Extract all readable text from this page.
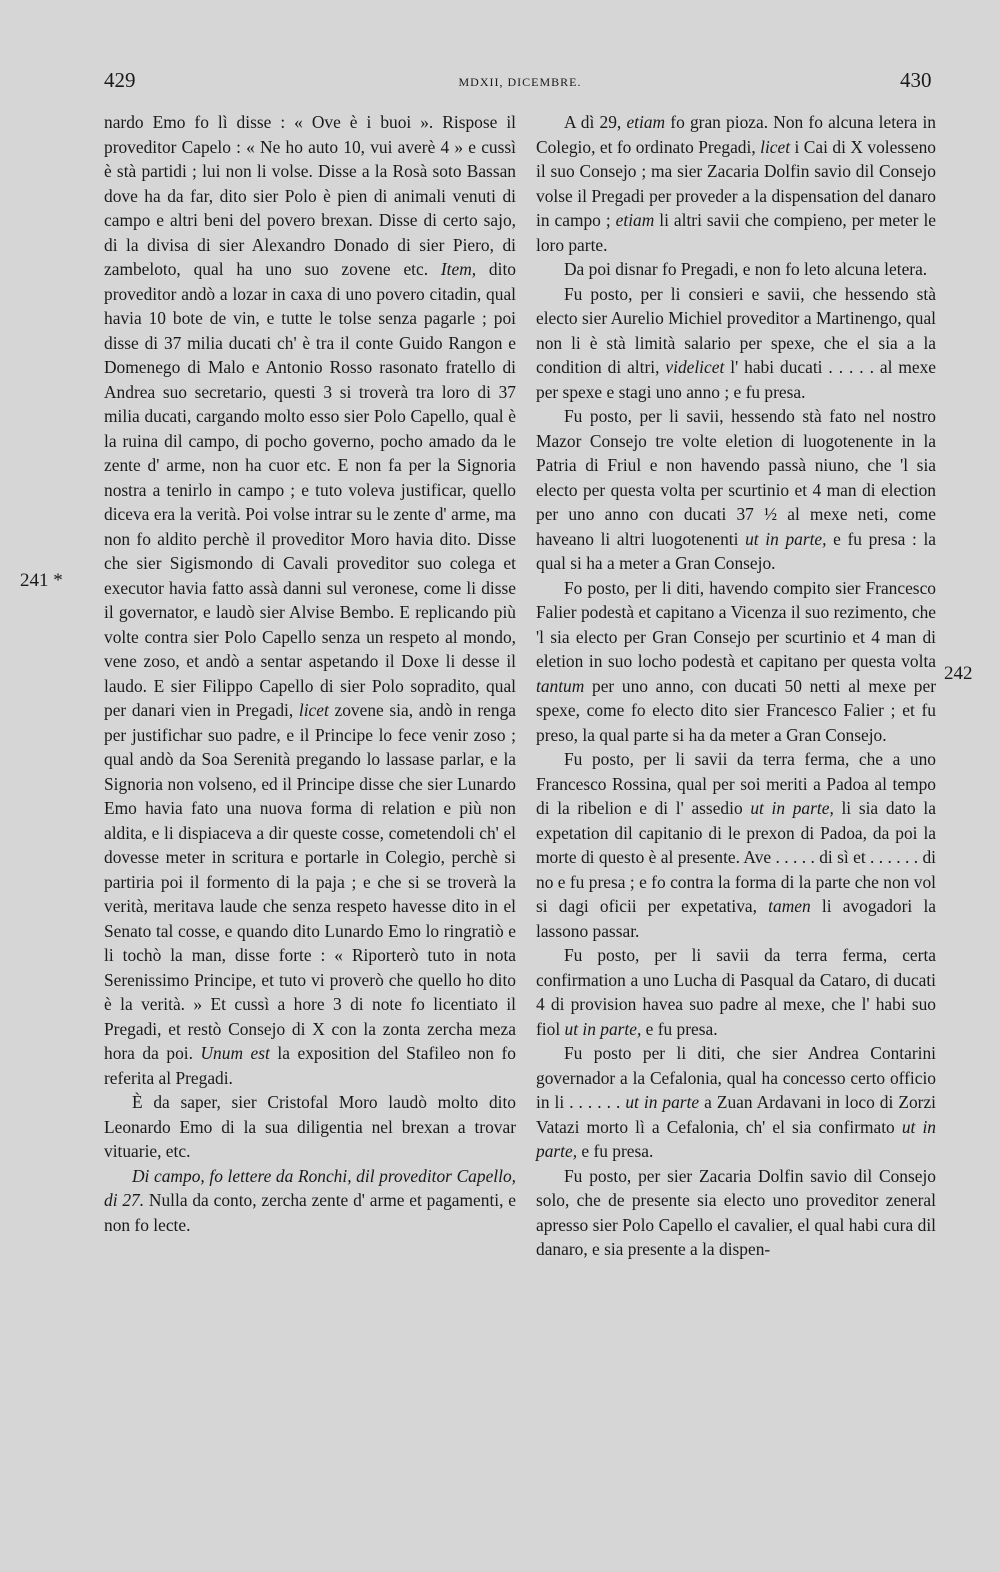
429	MDXII, DICEMBRE.	430
241 *
242

nardo Emo fo lì disse : « Ove è i buoi ». Rispose il proveditor Capelo : « Ne ho auto 10, vui averè 4 » e cussì è stà partidi ; lui non li volse. Disse a la Rosà soto Bassan dove ha da far, dito sier Polo è pien di animali venuti di campo e altri beni del povero brexan. Disse di certo sajo, di la divisa di sier Alexandro Donado di sier Piero, di zambeloto, qual ha uno suo zovene etc. Item, dito proveditor andò a lozar in caxa di uno povero citadin, qual havia 10 bote de vin, e tutte le tolse senza pagarle ; poi disse di 37 milia ducati ch' è tra il conte Guido Rangon e Domenego di Malo e Antonio Rosso rasonato fratello di Andrea suo secretario, questi 3 si troverà tra loro di 37 milia ducati, cargando molto esso sier Polo Capello, qual è la ruina dil campo, di pocho governo, pocho amado da le zente d' arme, non ha cuor etc. E non fa per la Signoria nostra a tenirlo in campo ; e tuto voleva justificar, quello diceva era la verità. Poi volse intrar su le zente d' arme, ma non fo aldito perchè il proveditor Moro havia dito. Disse che sier Sigismondo di Cavali proveditor suo colega et executor havia fatto assà danni sul veronese, come li disse il governator, e laudò sier Alvise Bembo. E replicando più volte contra sier Polo Capello senza un respeto al mondo, vene zoso, et andò a sentar aspetando il Doxe li desse il laudo. E sier Filippo Capello di sier Polo sopradito, qual per danari vien in Pregadi, licet zovene sia, andò in renga per justifichar suo padre, e il Principe lo fece venir zoso ; qual andò da Soa Serenità pregando lo lassase parlar, e la Signoria non volseno, ed il Principe disse che sier Lunardo Emo havia fato una nuova forma di relation e più non aldita, e li dispiaceva a dir queste cosse, cometendoli ch' el dovesse meter in scritura e portarle in Colegio, perchè si partiria poi il formento di la paja ; e che si se troverà la verità, meritava laude che senza respeto havesse dito in el Senato tal cosse, e quando dito Lunardo Emo lo ringratiò e li tochò la man, disse forte : « Riporterò tuto in nota Serenissimo Principe, et tuto vi proverò che quello ho dito è la verità. » Et cussì a hore 3 di note fo licentiato il Pregadi, et restò Consejo di X con la zonta zercha meza hora da poi. Unum est la exposition del Stafileo non fo referita al Pregadi.

È da saper, sier Cristofal Moro laudò molto dito Leonardo Emo di la sua diligentia nel brexan a trovar vituarie, etc.

Di campo, fo lettere da Ronchi, dil proveditor Capello, di 27. Nulla da conto, zercha zente d' arme et pagamenti, e non fo lecte.

A dì 29, etiam fo gran pioza. Non fo alcuna letera in Colegio, et fo ordinato Pregadi, licet i Cai di X volesseno il suo Consejo ; ma sier Zacaria Dolfin savio dil Consejo volse il Pregadi per proveder a la dispensation del danaro in campo ; etiam li altri savii che compieno, per meter le loro parte.

Da poi disnar fo Pregadi, e non fo leto alcuna letera.

Fu posto, per li consieri e savii, che hessendo stà electo sier Aurelio Michiel proveditor a Martinengo, qual non li è stà limità salario per spexe, che el sia a la condition di altri, videlicet l' habi ducati . . . . . al mexe per spexe e stagi uno anno ; e fu presa.

Fu posto, per li savii, hessendo stà fato nel nostro Mazor Consejo tre volte eletion di luogotenente in la Patria di Friul e non havendo passà niuno, che 'l sia electo per questa volta per scurtinio et 4 man di election per uno anno con ducati 37 ½ al mexe neti, come haveano li altri luogotenenti ut in parte, e fu presa : la qual si ha a meter a Gran Consejo.

Fo posto, per li diti, havendo compito sier Francesco Falier podestà et capitano a Vicenza il suo rezimento, che 'l sia electo per Gran Consejo per scurtinio et 4 man di eletion in suo locho podestà et capitano per questa volta tantum per uno anno, con ducati 50 netti al mexe per spexe, come fo electo dito sier Francesco Falier ; et fu preso, la qual parte si ha da meter a Gran Consejo.

Fu posto, per li savii da terra ferma, che a uno Francesco Rossina, qual per soi meriti a Padoa al tempo di la ribelion e di l' assedio ut in parte, li sia dato la expetation dil capitanio di le prexon di Padoa, da poi la morte di questo è al presente. Ave . . . . . di sì et . . . . . . di no e fu presa ; e fo contra la forma di la parte che non vol si dagi oficii per expetativa, tamen li avogadori la lassono passar.

Fu posto, per li savii da terra ferma, certa confirmation a uno Lucha di Pasqual da Cataro, di ducati 4 di provision havea suo padre al mexe, che l' habi suo fiol ut in parte, e fu presa.

Fu posto per li diti, che sier Andrea Contarini governador a la Cefalonia, qual ha concesso certo officio in li . . . . . . ut in parte a Zuan Ardavani in loco di Zorzi Vatazi morto lì a Cefalonia, ch' el sia confirmato ut in parte, e fu presa.

Fu posto, per sier Zacaria Dolfin savio dil Consejo solo, che de presente sia electo uno proveditor zeneral apresso sier Polo Capello el cavalier, el qual habi cura dil danaro, e sia presente a la dispen-
